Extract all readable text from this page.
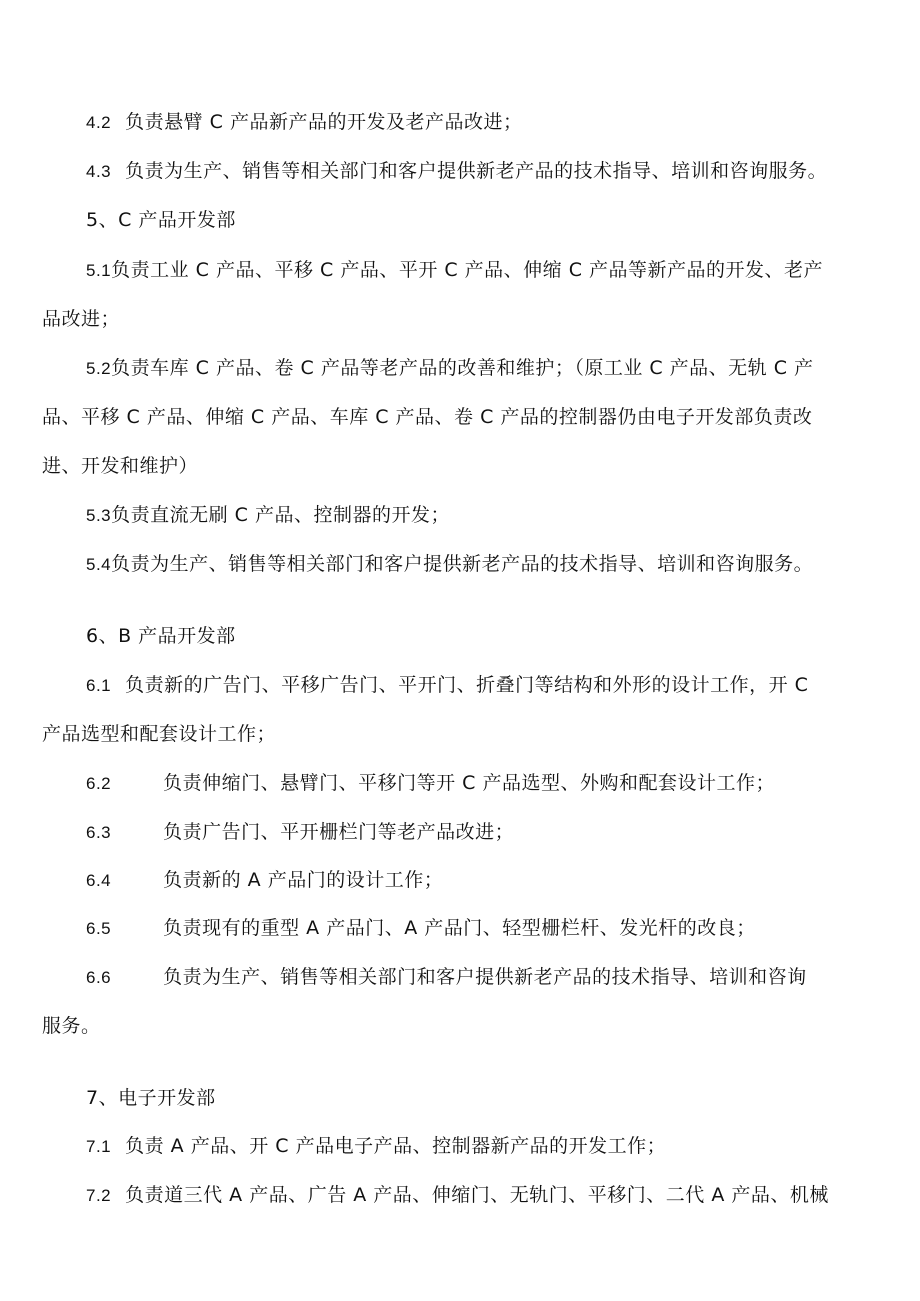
4.2 负责悬臂 C 产品新产品的开发及老产品改进；
4.3 负责为生产、销售等相关部门和客户提供新老产品的技术指导、培训和咨询服务。
5、C 产品开发部
5.1负责工业 C 产品、平移 C 产品、平开 C 产品、伸缩 C 产品等新产品的开发、老产
品改进；
5.2负责车库 C 产品、卷 C 产品等老产品的改善和维护；（原工业 C 产品、无轨 C 产
品、平移 C 产品、伸缩 C 产品、车库 C 产品、卷 C 产品的控制器仍由电子开发部负责改
进、开发和维护）
5.3负责直流无刷 C 产品、控制器的开发；
5.4负责为生产、销售等相关部门和客户提供新老产品的技术指导、培训和咨询服务。
6、B 产品开发部
6.1 负责新的广告门、平移广告门、平开门、折叠门等结构和外形的设计工作，开 C
产品选型和配套设计工作；
6.2	负责伸缩门、悬臂门、平移门等开 C 产品选型、外购和配套设计工作；
6.3	负责广告门、平开栅栏门等老产品改进；
6.4	负责新的 A 产品门的设计工作；
6.5	负责现有的重型 A 产品门、A 产品门、轻型栅栏杆、发光杆的改良；
6.6	负责为生产、销售等相关部门和客户提供新老产品的技术指导、培训和咨询
服务。
7、电子开发部
7.1 负责 A 产品、开 C 产品电子产品、控制器新产品的开发工作；
7.2 负责道三代 A 产品、广告 A 产品、伸缩门、无轨门、平移门、二代 A 产品、机械
